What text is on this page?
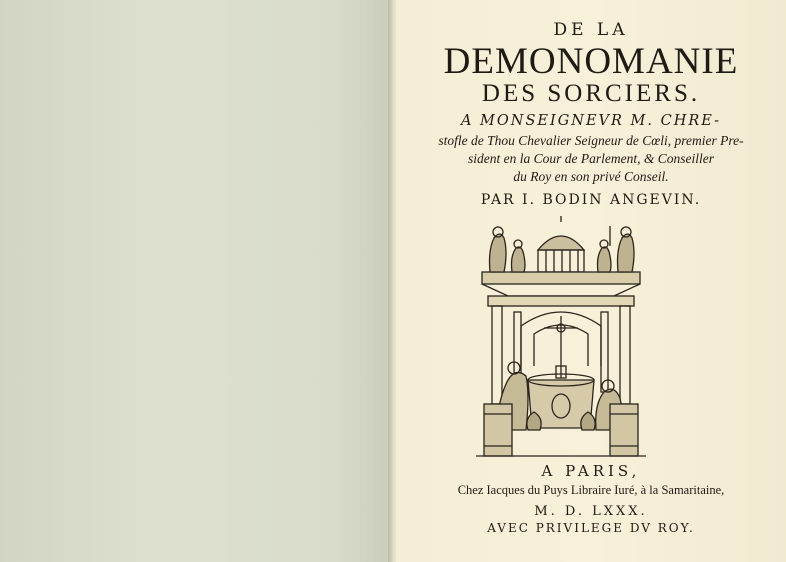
DE LA
DEMONOMANIE
DES SORCIERS.
A MONSEIGNEVR M. CHRE-
stofle de Thou Chevalier Seigneur de Cœli, premier Pre-
sident en la Cour de Parlement, & Conseiller
du Roy en son privé Conseil.
PAR I. BODIN ANGEVIN.
A PARIS,
Chez Iacques du Puys Libraire Iuré, à la Samaritaine,
M. D. LXXX.
AVEC PRIVILEGE DV ROY.
